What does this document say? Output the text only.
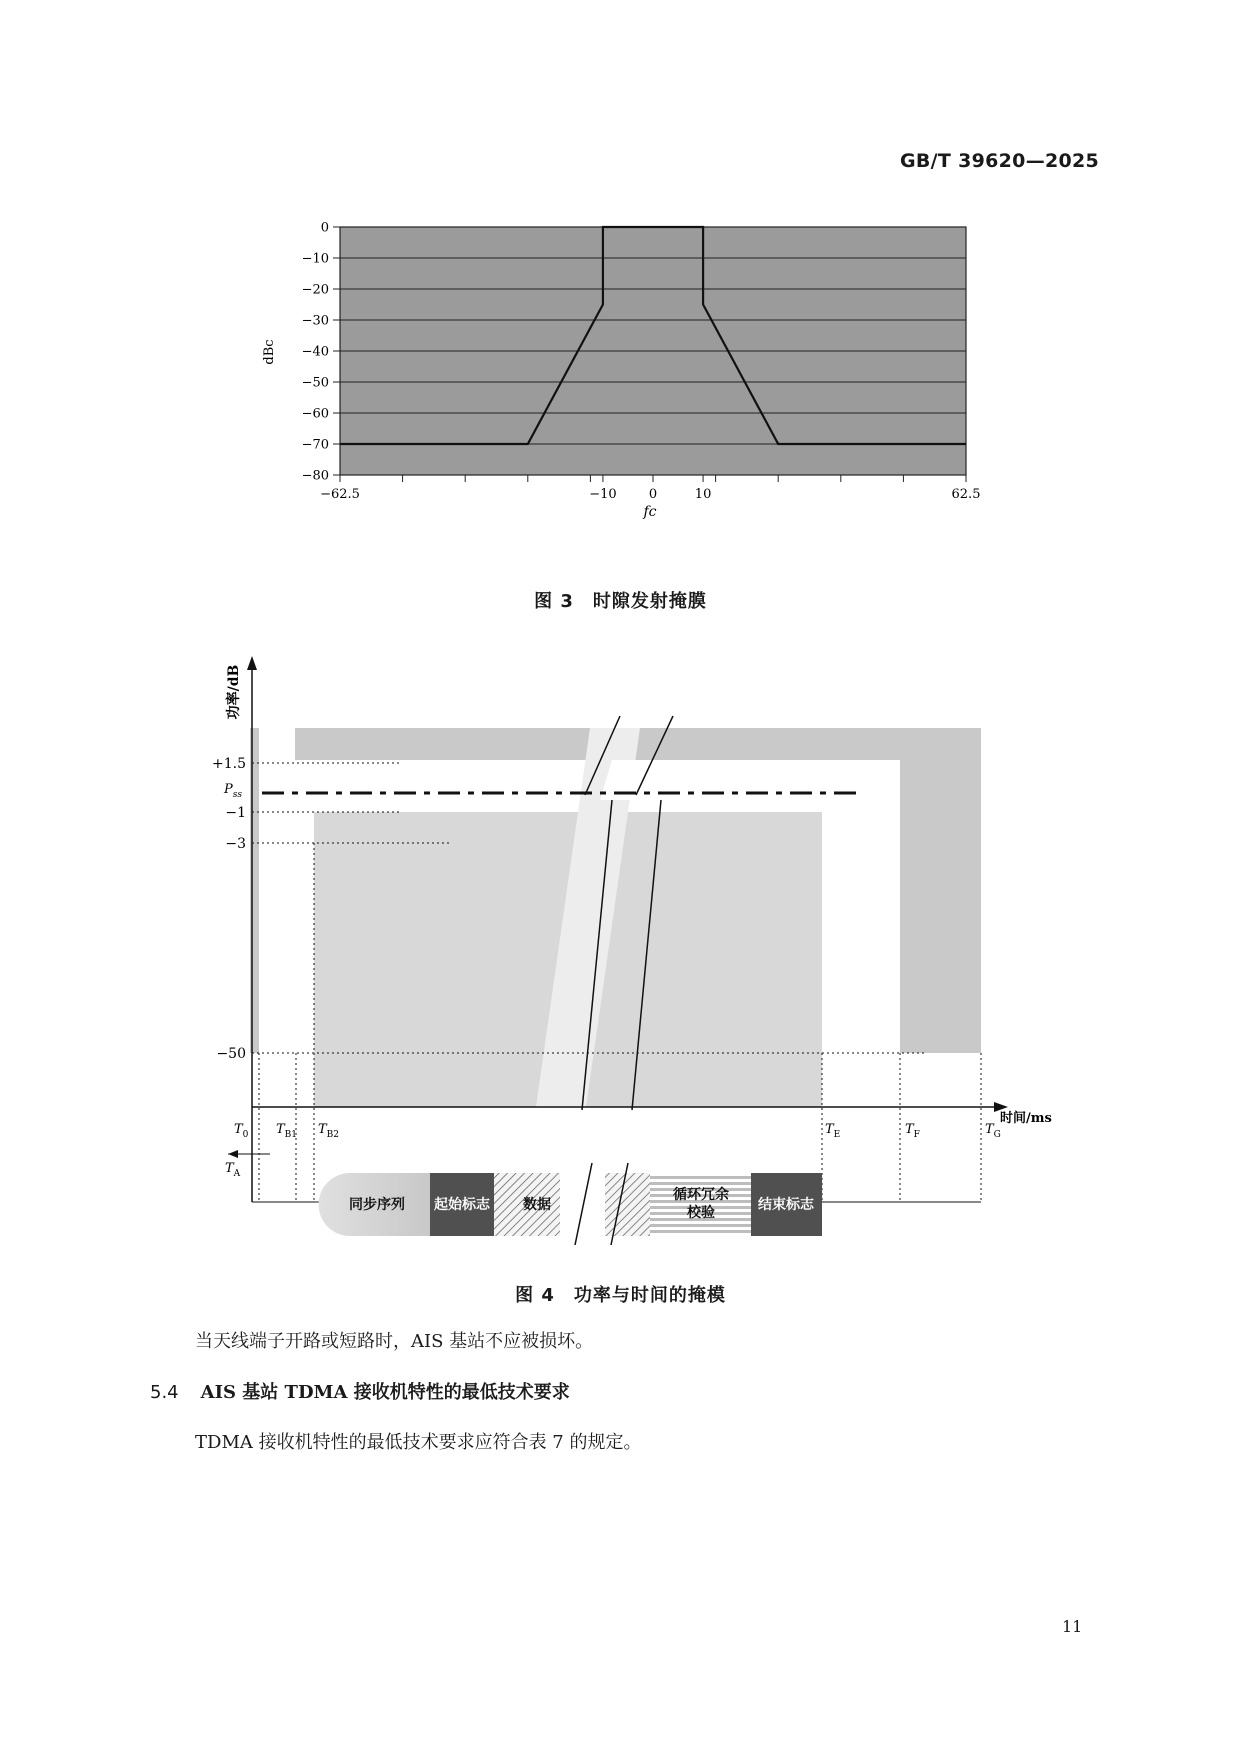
GB/T 39620—2025
0
−10
−20
−30
−40
−50
−60
−70
−80
−62.5	−10 0	10	62.5
dBc
fc
图 3　时隙发射掩膜
功率/dB
时间/ms
+1.5
−1
−3
−50
$P_{ss}$
$T_0$ $T_{B1}$ $T_{B2}$	$T_E$	$T_F$	$T_G$
$T_A$
同步序列 起始标志 数据
循环冗余
校验	结束标志
图 4　功率与时间的掩模
当天线端子开路或短路时，AIS 基站不应被损坏。
5.4 AIS 基站 TDMA 接收机特性的最低技术要求
TDMA 接收机特性的最低技术要求应符合表 7 的规定。
11
